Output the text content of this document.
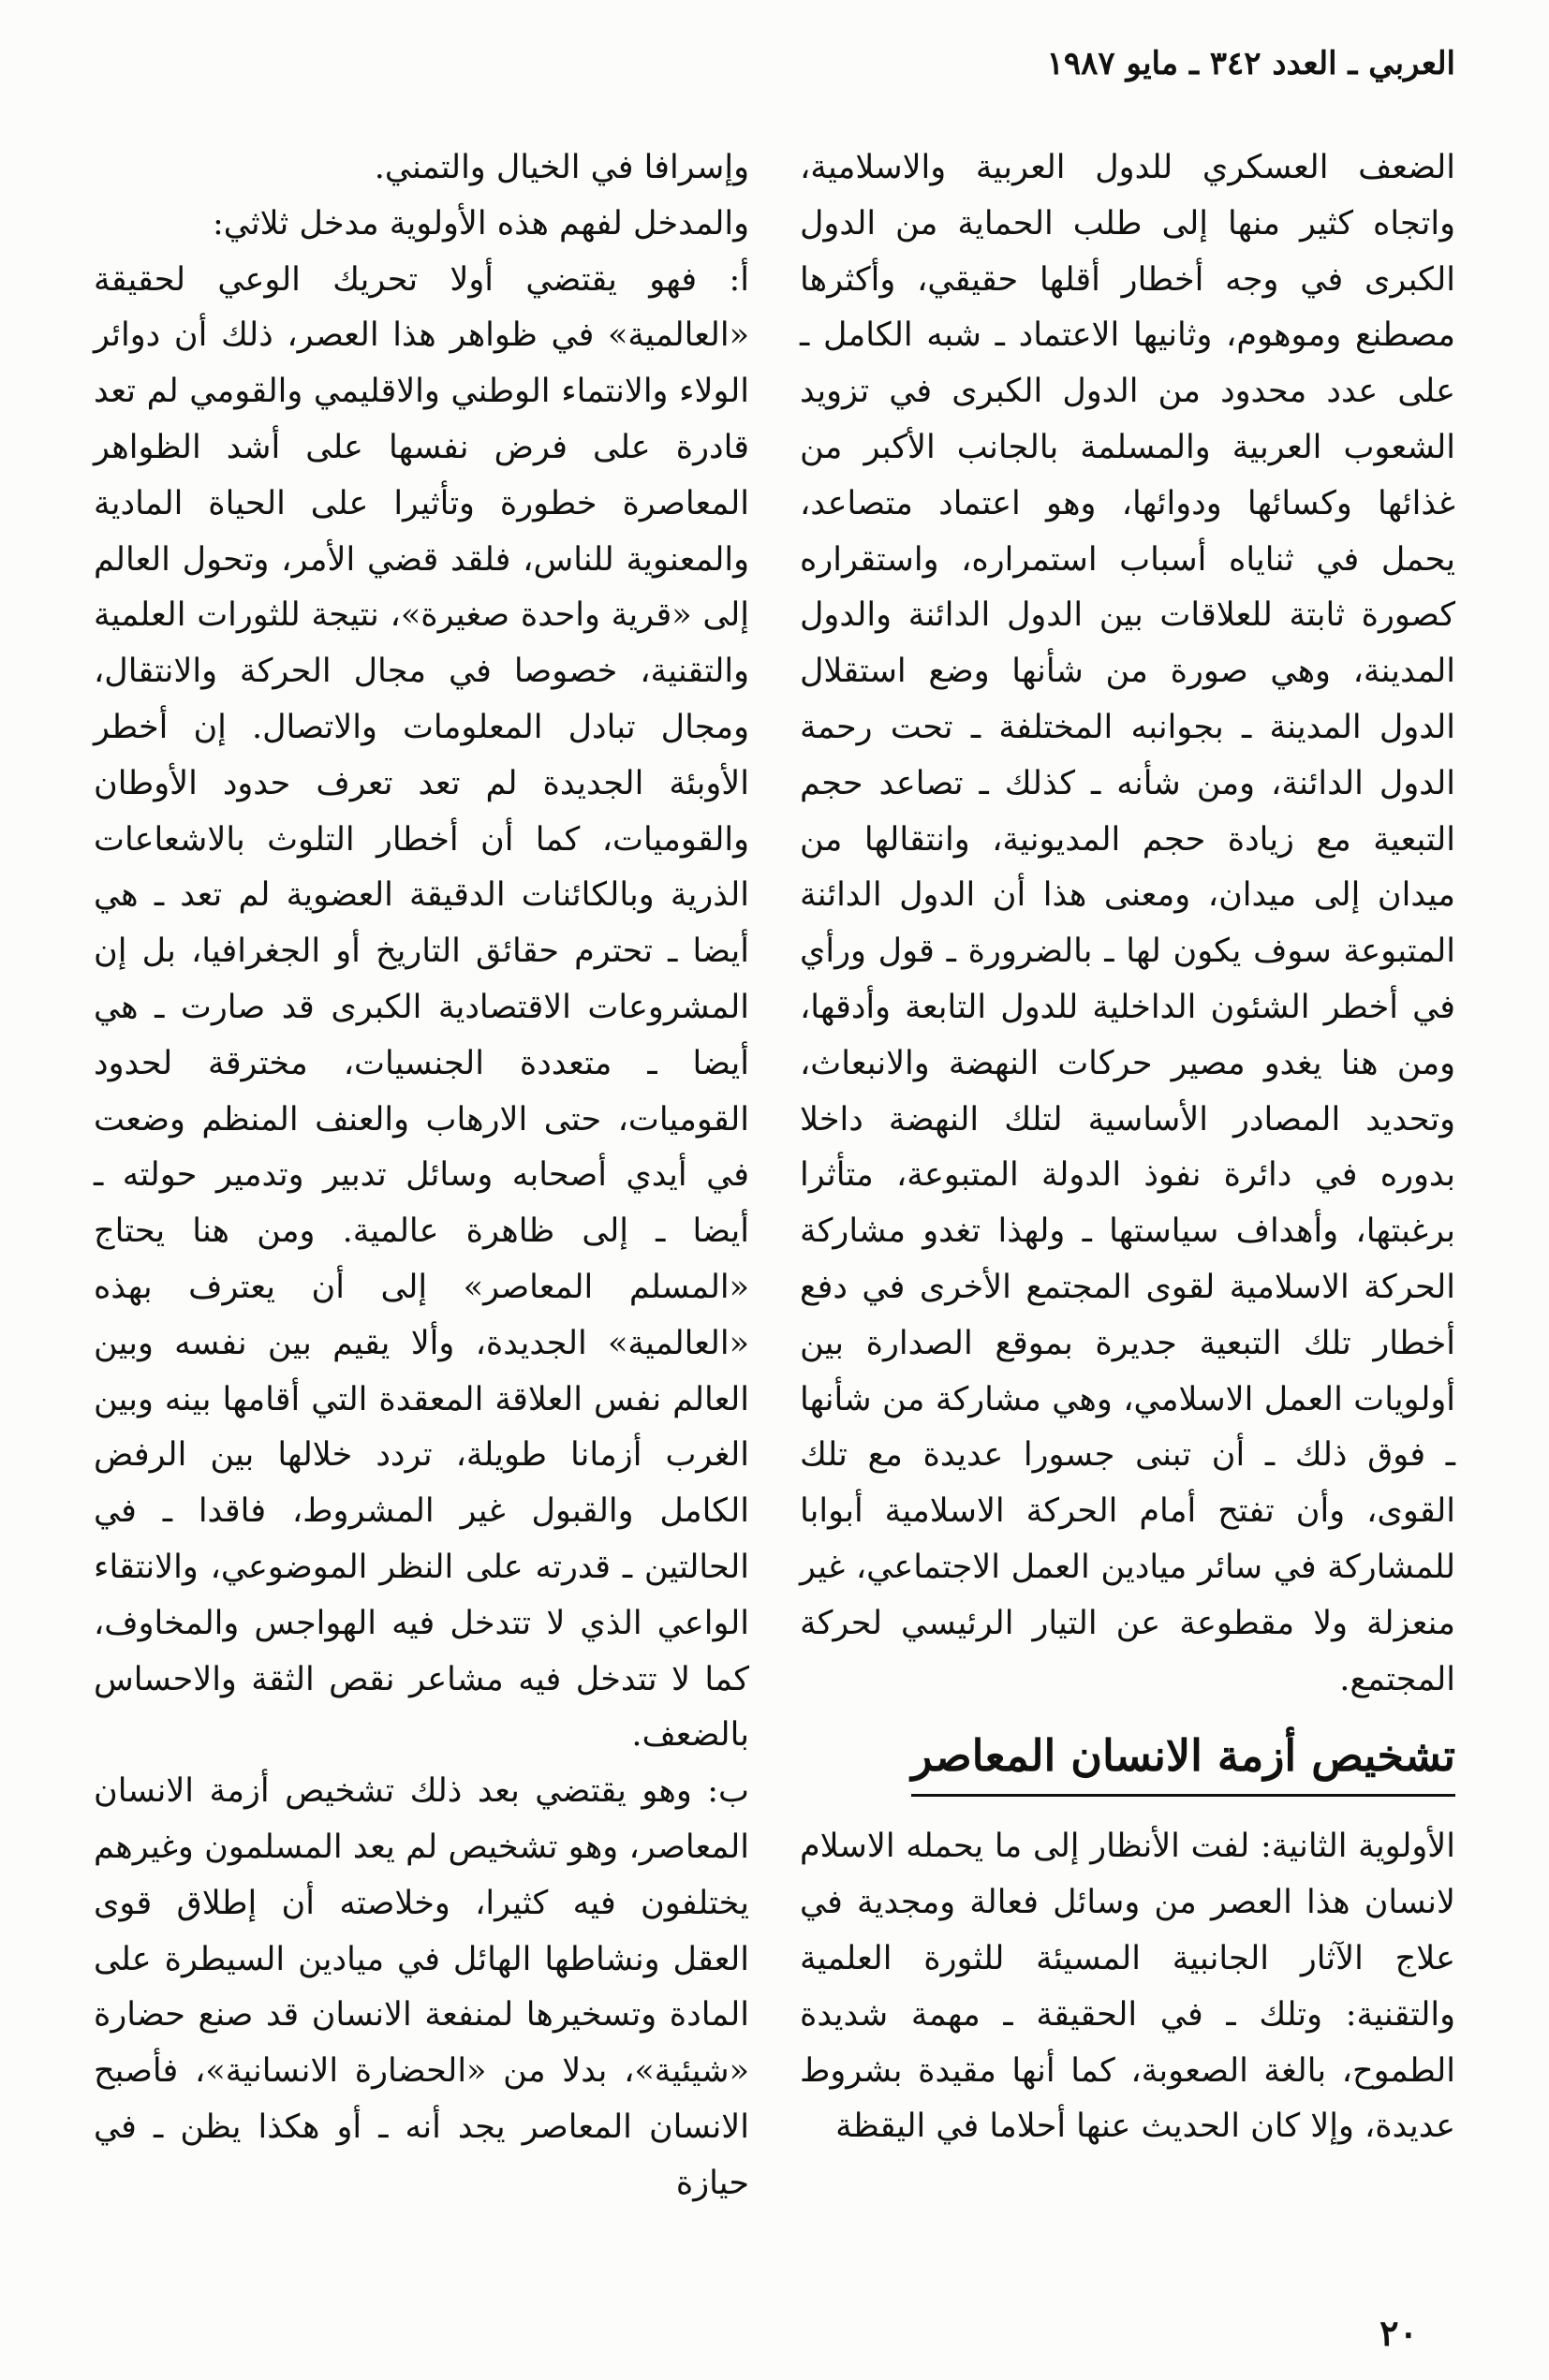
العربي ـ العدد ٣٤٢ ـ مايو ١٩٨٧

الضعف العسكري للدول العربية والاسلامية، واتجاه كثير منها إلى طلب الحماية من الدول الكبرى في وجه أخطار أقلها حقيقي، وأكثرها مصطنع وموهوم، وثانيها الاعتماد ـ شبه الكامل ـ على عدد محدود من الدول الكبرى في تزويد الشعوب العربية والمسلمة بالجانب الأكبر من غذائها وكسائها ودوائها، وهو اعتماد متصاعد، يحمل في ثناياه أسباب استمراره، واستقراره كصورة ثابتة للعلاقات بين الدول الدائنة والدول المدينة، وهي صورة من شأنها وضع استقلال الدول المدينة ـ بجوانبه المختلفة ـ تحت رحمة الدول الدائنة، ومن شأنه ـ كذلك ـ تصاعد حجم التبعية مع زيادة حجم المديونية، وانتقالها من ميدان إلى ميدان، ومعنى هذا أن الدول الدائنة المتبوعة سوف يكون لها ـ بالضرورة ـ قول ورأي في أخطر الشئون الداخلية للدول التابعة وأدقها، ومن هنا يغدو مصير حركات النهضة والانبعاث، وتحديد المصادر الأساسية لتلك النهضة داخلا بدوره في دائرة نفوذ الدولة المتبوعة، متأثرا برغبتها، وأهداف سياستها ـ ولهذا تغدو مشاركة الحركة الاسلامية لقوى المجتمع الأخرى في دفع أخطار تلك التبعية جديرة بموقع الصدارة بين أولويات العمل الاسلامي، وهي مشاركة من شأنها ـ فوق ذلك ـ أن تبنى جسورا عديدة مع تلك القوى، وأن تفتح أمام الحركة الاسلامية أبوابا للمشاركة في سائر ميادين العمل الاجتماعي، غير منعزلة ولا مقطوعة عن التيار الرئيسي لحركة المجتمع.

تشخيص أزمة الانسان المعاصر

الأولوية الثانية: لفت الأنظار إلى ما يحمله الاسلام لانسان هذا العصر من وسائل فعالة ومجدية في علاج الآثار الجانبية المسيئة للثورة العلمية والتقنية: وتلك ـ في الحقيقة ـ مهمة شديدة الطموح، بالغة الصعوبة، كما أنها مقيدة بشروط عديدة، وإلا كان الحديث عنها أحلاما في اليقظة

وإسرافا في الخيال والتمني.

والمدخل لفهم هذه الأولوية مدخل ثلاثي:

أ: فهو يقتضي أولا تحريك الوعي لحقيقة «العالمية» في ظواهر هذا العصر، ذلك أن دوائر الولاء والانتماء الوطني والاقليمي والقومي لم تعد قادرة على فرض نفسها على أشد الظواهر المعاصرة خطورة وتأثيرا على الحياة المادية والمعنوية للناس، فلقد قضي الأمر، وتحول العالم إلى «قرية واحدة صغيرة»، نتيجة للثورات العلمية والتقنية، خصوصا في مجال الحركة والانتقال، ومجال تبادل المعلومات والاتصال. إن أخطر الأوبئة الجديدة لم تعد تعرف حدود الأوطان والقوميات، كما أن أخطار التلوث بالاشعاعات الذرية وبالكائنات الدقيقة العضوية لم تعد ـ هي أيضا ـ تحترم حقائق التاريخ أو الجغرافيا، بل إن المشروعات الاقتصادية الكبرى قد صارت ـ هي أيضا ـ متعددة الجنسيات، مخترقة لحدود القوميات، حتى الارهاب والعنف المنظم وضعت في أيدي أصحابه وسائل تدبير وتدمير حولته ـ أيضا ـ إلى ظاهرة عالمية. ومن هنا يحتاج «المسلم المعاصر» إلى أن يعترف بهذه «العالمية» الجديدة، وألا يقيم بين نفسه وبين العالم نفس العلاقة المعقدة التي أقامها بينه وبين الغرب أزمانا طويلة، تردد خلالها بين الرفض الكامل والقبول غير المشروط، فاقدا ـ في الحالتين ـ قدرته على النظر الموضوعي، والانتقاء الواعي الذي لا تتدخل فيه الهواجس والمخاوف، كما لا تتدخل فيه مشاعر نقص الثقة والاحساس بالضعف.

ب: وهو يقتضي بعد ذلك تشخيص أزمة الانسان المعاصر، وهو تشخيص لم يعد المسلمون وغيرهم يختلفون فيه كثيرا، وخلاصته أن إطلاق قوى العقل ونشاطها الهائل في ميادين السيطرة على المادة وتسخيرها لمنفعة الانسان قد صنع حضارة «شيئية»، بدلا من «الحضارة الانسانية»، فأصبح الانسان المعاصر يجد أنه ـ أو هكذا يظن ـ في حيازة

٢٠
